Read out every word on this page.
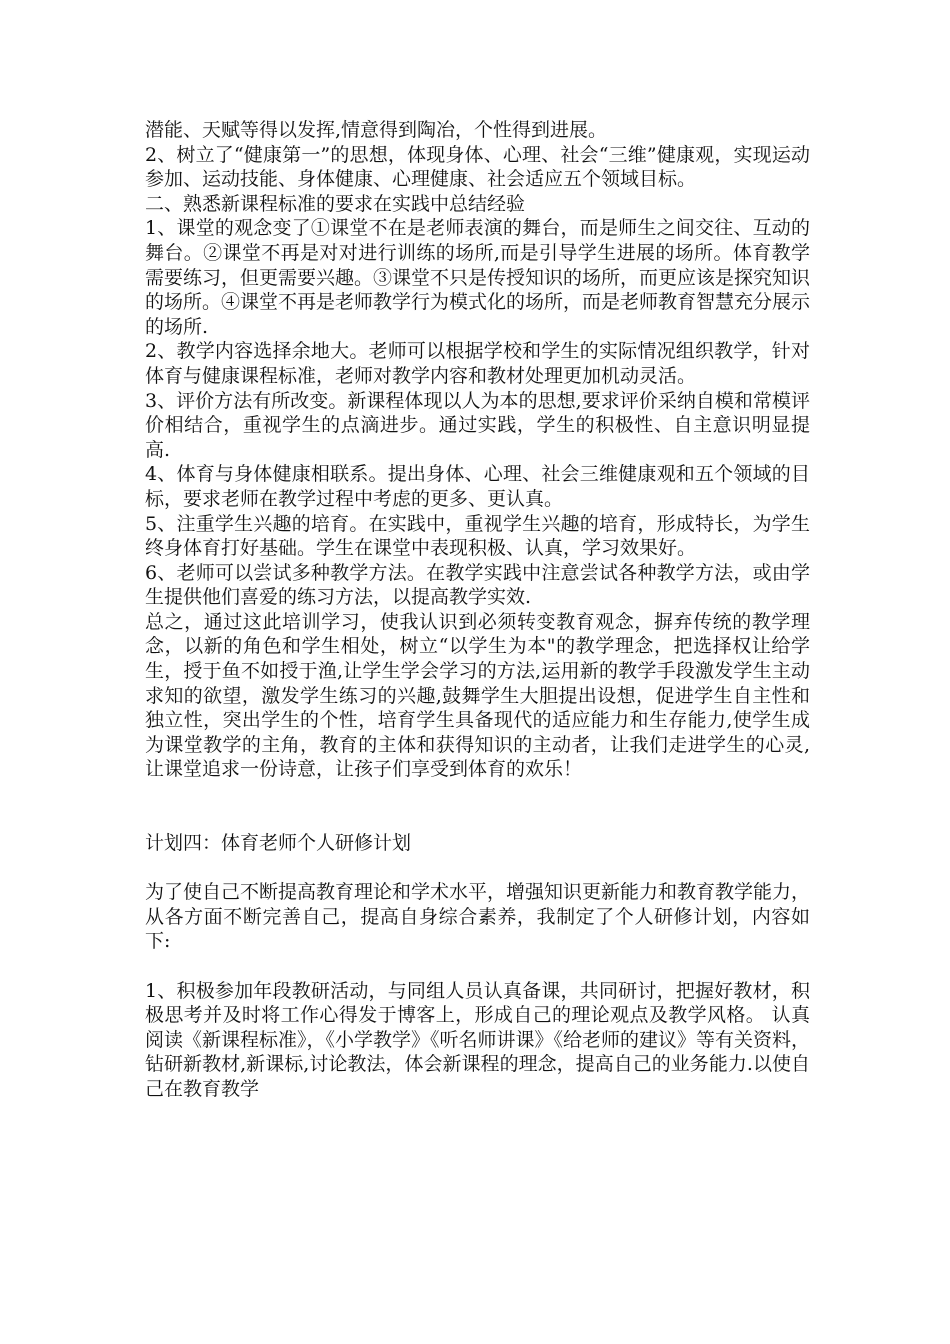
潜能、天赋等得以发挥,情意得到陶冶，个性得到进展。

2、树立了“健康第一”的思想，体现身体、心理、社会“三维”健康观，实现运动参加、运动技能、身体健康、心理健康、社会适应五个领域目标。

二、熟悉新课程标准的要求在实践中总结经验

1、课堂的观念变了①课堂不在是老师表演的舞台，而是师生之间交往、互动的舞台。②课堂不再是对对进行训练的场所,而是引导学生进展的场所。体育教学需要练习，但更需要兴趣。③课堂不只是传授知识的场所，而更应该是探究知识的场所。④课堂不再是老师教学行为模式化的场所，而是老师教育智慧充分展示的场所.

2、教学内容选择余地大。老师可以根据学校和学生的实际情况组织教学，针对体育与健康课程标准，老师对教学内容和教材处理更加机动灵活。

3、评价方法有所改变。新课程体现以人为本的思想,要求评价采纳自模和常模评价相结合，重视学生的点滴进步。通过实践，学生的积极性、自主意识明显提高.

4、体育与身体健康相联系。提出身体、心理、社会三维健康观和五个领域的目标，要求老师在教学过程中考虑的更多、更认真。

5、注重学生兴趣的培育。在实践中，重视学生兴趣的培育，形成特长，为学生终身体育打好基础。学生在课堂中表现积极、认真，学习效果好。

6、老师可以尝试多种教学方法。在教学实践中注意尝试各种教学方法，或由学生提供他们喜爱的练习方法，以提高教学实效.

总之，通过这此培训学习，使我认识到必须转变教育观念，摒弃传统的教学理念，以新的角色和学生相处，树立“以学生为本"的教学理念，把选择权让给学生，授于鱼不如授于渔,让学生学会学习的方法,运用新的教学手段激发学生主动求知的欲望，激发学生练习的兴趣,鼓舞学生大胆提出设想，促进学生自主性和独立性，突出学生的个性，培育学生具备现代的适应能力和生存能力,使学生成为课堂教学的主角，教育的主体和获得知识的主动者，让我们走进学生的心灵,让课堂追求一份诗意，让孩子们享受到体育的欢乐！

计划四：体育老师个人研修计划

为了使自己不断提高教育理论和学术水平，增强知识更新能力和教育教学能力，从各方面不断完善自己，提高自身综合素养，我制定了个人研修计划，内容如下:

1、积极参加年段教研活动，与同组人员认真备课，共同研讨，把握好教材，积极思考并及时将工作心得发于博客上，形成自己的理论观点及教学风格。 认真阅读《新课程标准》，《小学教学》《听名师讲课》《给老师的建议》等有关资料，钻研新教材,新课标,讨论教法，体会新课程的理念，提高自己的业务能力.以使自己在教育教学
